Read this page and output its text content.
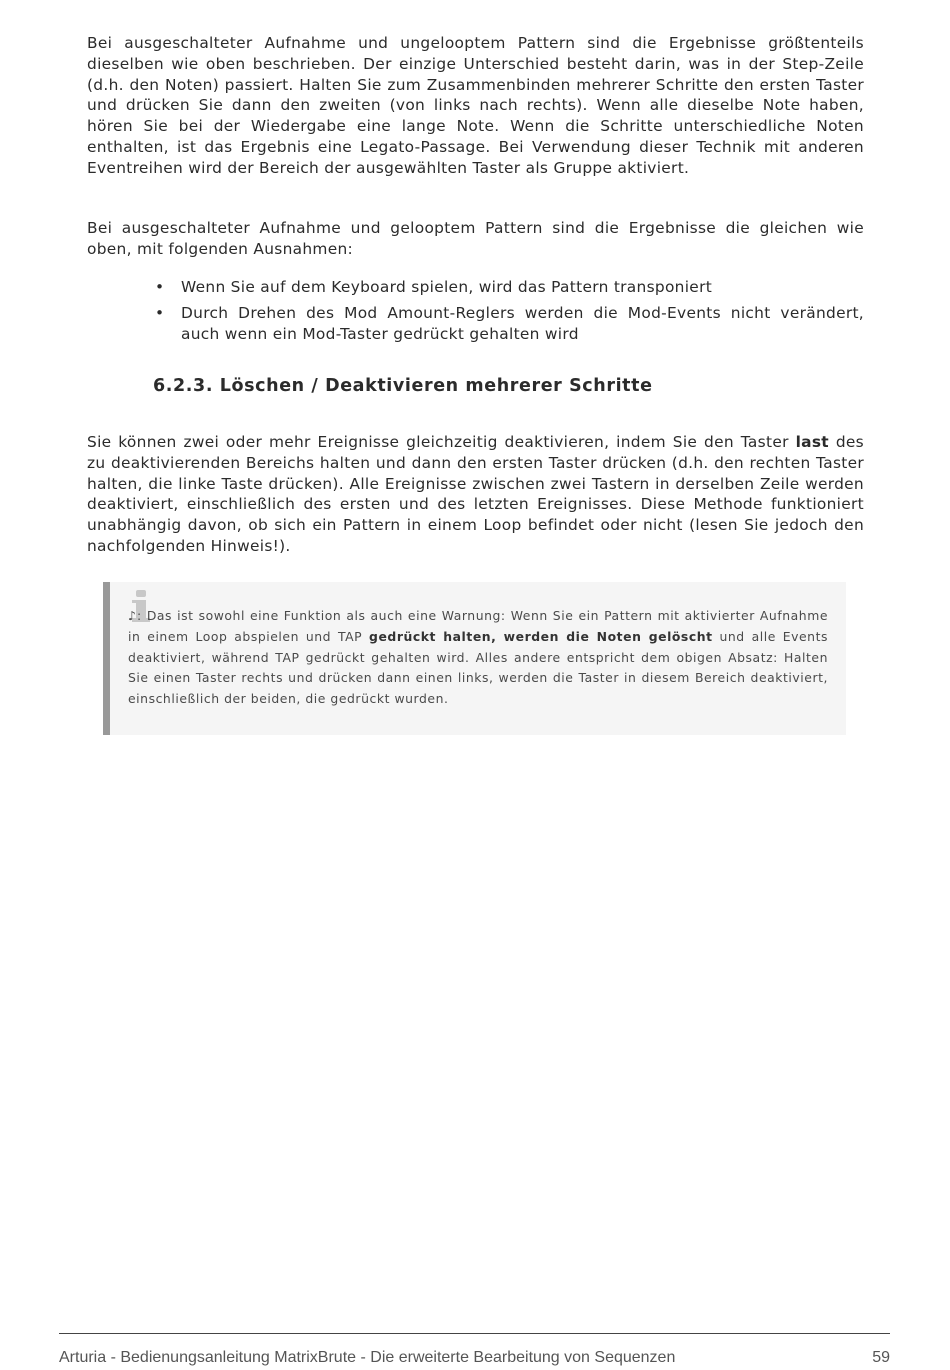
Bei ausgeschalteter Aufnahme und ungelooptem Pattern sind die Ergebnisse größtenteils dieselben wie oben beschrieben. Der einzige Unterschied besteht darin, was in der Step-Zeile (d.h. den Noten) passiert. Halten Sie zum Zusammenbinden mehrerer Schritte den ersten Taster und drücken Sie dann den zweiten (von links nach rechts). Wenn alle dieselbe Note haben, hören Sie bei der Wiedergabe eine lange Note. Wenn die Schritte unterschiedliche Noten enthalten, ist das Ergebnis eine Legato-Passage. Bei Verwendung dieser Technik mit anderen Eventreihen wird der Bereich der ausgewählten Taster als Gruppe aktiviert.

Bei ausgeschalteter Aufnahme und gelooptem Pattern sind die Ergebnisse die gleichen wie oben, mit folgenden Ausnahmen:

• Wenn Sie auf dem Keyboard spielen, wird das Pattern transponiert
• Durch Drehen des Mod Amount-Reglers werden die Mod-Events nicht verändert, auch wenn ein Mod-Taster gedrückt gehalten wird
6.2.3. Löschen / Deaktivieren mehrerer Schritte

Sie können zwei oder mehr Ereignisse gleichzeitig deaktivieren, indem Sie den Taster last des zu deaktivierenden Bereichs halten und dann den ersten Taster drücken (d.h. den rechten Taster halten, die linke Taste drücken). Alle Ereignisse zwischen zwei Tastern in derselben Zeile werden deaktiviert, einschließlich des ersten und des letzten Ereignisses. Diese Methode funktioniert unabhängig davon, ob sich ein Pattern in einem Loop befindet oder nicht (lesen Sie jedoch den nachfolgenden Hinweis!).

♪: Das ist sowohl eine Funktion als auch eine Warnung: Wenn Sie ein Pattern mit aktivierter Aufnahme in einem Loop abspielen und TAP gedrückt halten, werden die Noten gelöscht und alle Events deaktiviert, während TAP gedrückt gehalten wird. Alles andere entspricht dem obigen Absatz: Halten Sie einen Taster rechts und drücken dann einen links, werden die Taster in diesem Bereich deaktiviert, einschließlich der beiden, die gedrückt wurden.

Arturia - Bedienungsanleitung MatrixBrute - Die erweiterte Bearbeitung von Sequenzen	59
